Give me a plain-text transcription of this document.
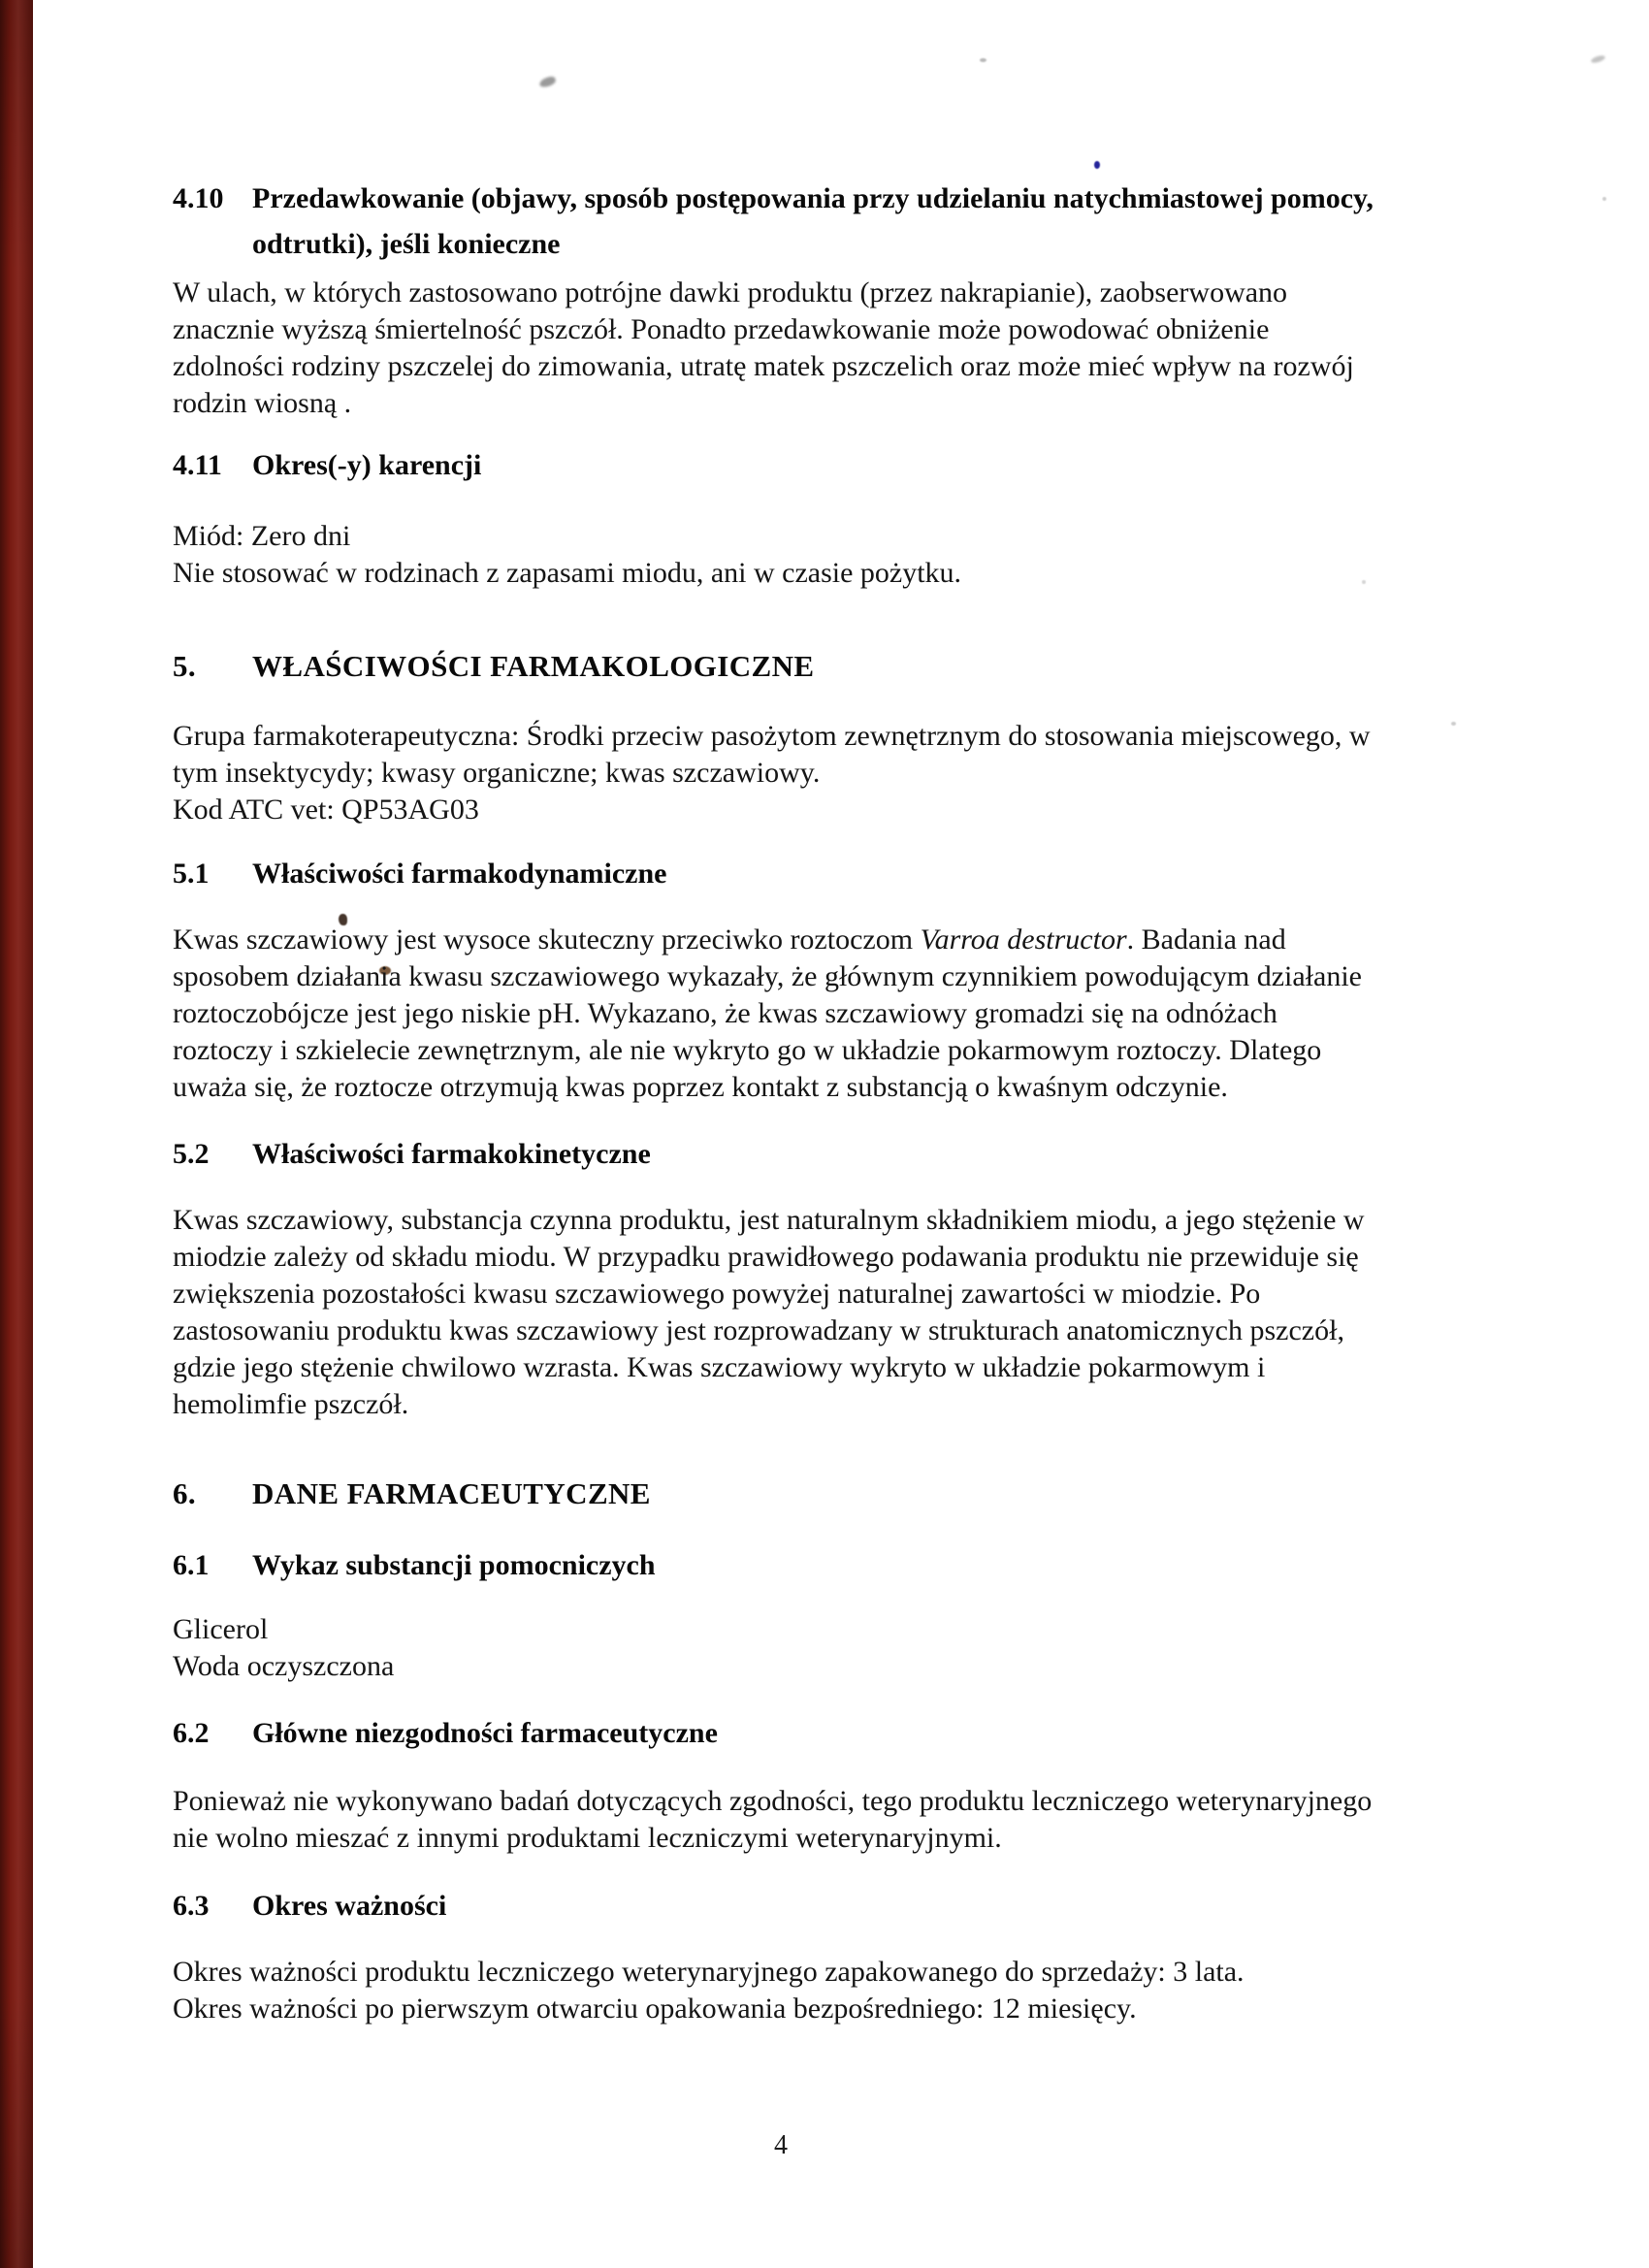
4.10 Przedawkowanie (objawy, sposób postępowania przy udzielaniu natychmiastowej pomocy,
odtrutki), jeśli konieczne
W ulach, w których zastosowano potrójne dawki produktu (przez nakrapianie), zaobserwowano
znacznie wyższą śmiertelność pszczół. Ponadto przedawkowanie może powodować obniżenie
zdolności rodziny pszczelej do zimowania, utratę matek pszczelich oraz może mieć wpływ na rozwój
rodzin wiosną .
4.11	Okres(-y) karencji
Miód: Zero dni
Nie stosować w rodzinach z zapasami miodu, ani w czasie pożytku.
5.	WŁAŚCIWOŚCI FARMAKOLOGICZNE
Grupa farmakoterapeutyczna: Środki przeciw pasożytom zewnętrznym do stosowania miejscowego, w
tym insektycydy; kwasy organiczne; kwas szczawiowy.
Kod ATC vet: QP53AG03
5.1	Właściwości farmakodynamiczne
Kwas szczawiowy jest wysoce skuteczny przeciwko roztoczom Varroa destructor. Badania nad
sposobem działania kwasu szczawiowego wykazały, że głównym czynnikiem powodującym działanie
roztoczobójcze jest jego niskie pH. Wykazano, że kwas szczawiowy gromadzi się na odnóżach
roztoczy i szkielecie zewnętrznym, ale nie wykryto go w układzie pokarmowym roztoczy. Dlatego
uważa się, że roztocze otrzymują kwas poprzez kontakt z substancją o kwaśnym odczynie.
5.2	Właściwości farmakokinetyczne
Kwas szczawiowy, substancja czynna produktu, jest naturalnym składnikiem miodu, a jego stężenie w
miodzie zależy od składu miodu. W przypadku prawidłowego podawania produktu nie przewiduje się
zwiększenia pozostałości kwasu szczawiowego powyżej naturalnej zawartości w miodzie. Po
zastosowaniu produktu kwas szczawiowy jest rozprowadzany w strukturach anatomicznych pszczół,
gdzie jego stężenie chwilowo wzrasta. Kwas szczawiowy wykryto w układzie pokarmowym i
hemolimfie pszczół.
6.	DANE FARMACEUTYCZNE
6.1	Wykaz substancji pomocniczych
Glicerol
Woda oczyszczona
6.2	Główne niezgodności farmaceutyczne
Ponieważ nie wykonywano badań dotyczących zgodności, tego produktu leczniczego weterynaryjnego
nie wolno mieszać z innymi produktami leczniczymi weterynaryjnymi.
6.3	Okres ważności
Okres ważności produktu leczniczego weterynaryjnego zapakowanego do sprzedaży: 3 lata.
Okres ważności po pierwszym otwarciu opakowania bezpośredniego: 12 miesięcy.
4
